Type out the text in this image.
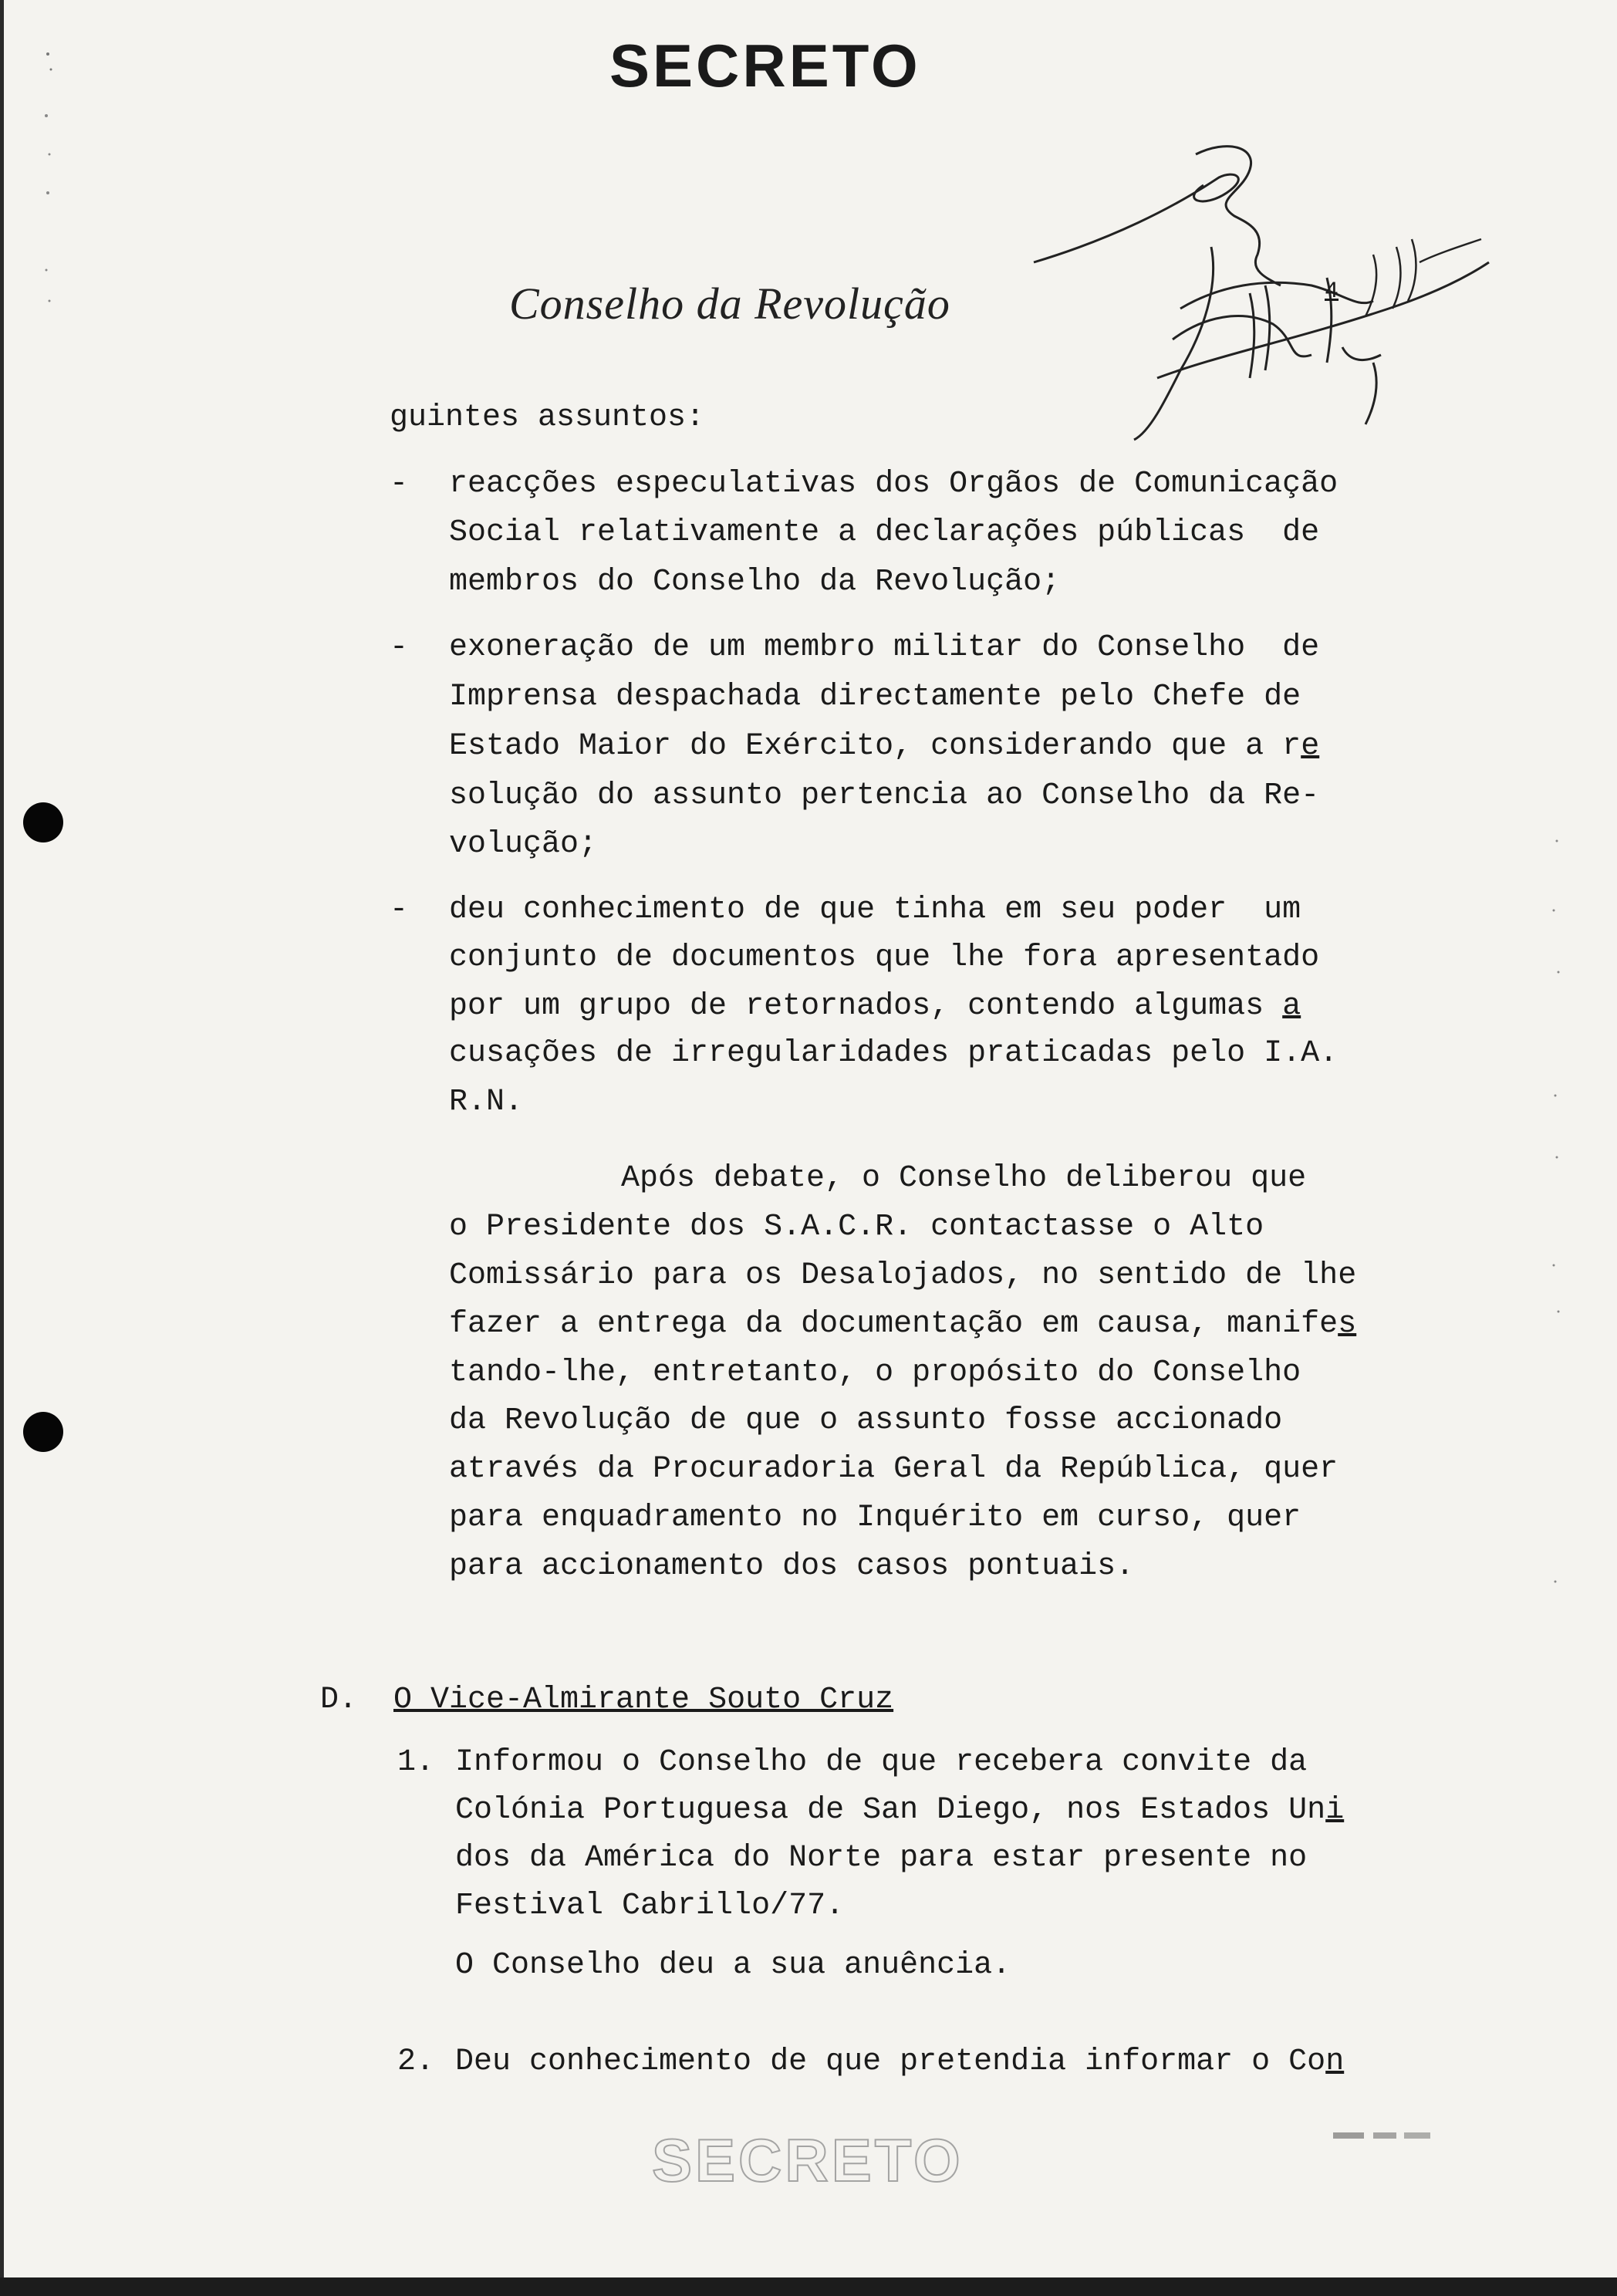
SECRETO
Conselho da Revolução	4
guintes assuntos:
- reacções especulativas dos Orgãos de Comunicação
Social relativamente a declarações públicas  de
membros do Conselho da Revolução;
- exoneração de um membro militar do Conselho  de
Imprensa despachada directamente pelo Chefe de
Estado Maior do Exército, considerando que a re
solução do assunto pertencia ao Conselho da Re-
volução;
- deu conhecimento de que tinha em seu poder  um
conjunto de documentos que lhe fora apresentado
por um grupo de retornados, contendo algumas a
cusações de irregularidades praticadas pelo I.A.
R.N.
Após debate, o Conselho deliberou que
o Presidente dos S.A.C.R. contactasse o Alto
Comissário para os Desalojados, no sentido de lhe
fazer a entrega da documentação em causa, manifes
tando-lhe, entretanto, o propósito do Conselho
da Revolução de que o assunto fosse accionado
através da Procuradoria Geral da República, quer
para enquadramento no Inquérito em curso, quer
para accionamento dos casos pontuais.
D. O Vice-Almirante Souto Cruz
1. Informou o Conselho de que recebera convite da
Colónia Portuguesa de San Diego, nos Estados Uni
dos da América do Norte para estar presente no
Festival Cabrillo/77.
O Conselho deu a sua anuência.
2. Deu conhecimento de que pretendia informar o Con
SECRETO
